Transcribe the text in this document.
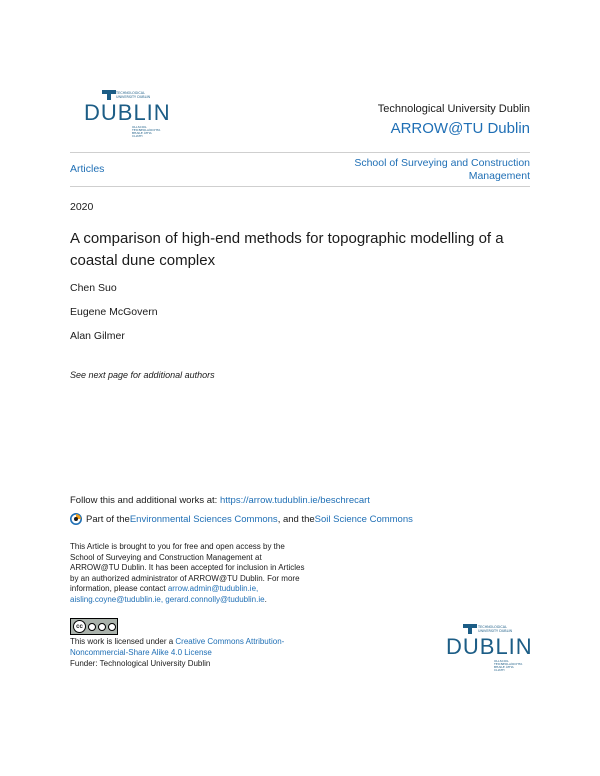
TECHNOLOGICAL UNIVERSITY DUBLIN
DUBLIN
OLLSCOIL TEICNEOLAÍOCHTA BHAILE ÁTHA CLIATH
Technological University Dublin
ARROW@TU Dublin
Articles	School of Surveying and Construction Management
2020
A comparison of high-end methods for topographic modelling of a coastal dune complex
Chen Suo
Eugene McGovern
Alan Gilmer
See next page for additional authors
Follow this and additional works at: https://arrow.tudublin.ie/beschrecart
Part of the Environmental Sciences Commons , and the Soil Science Commons
This Article is brought to you for free and open access by the School of Surveying and Construction Management at ARROW@TU Dublin. It has been accepted for inclusion in Articles by an authorized administrator of ARROW@TU Dublin. For more information, please contact arrow.admin@tudublin.ie, aisling.coyne@tudublin.ie, gerard.connolly@tudublin.ie.
cc
This work is licensed under a Creative Commons Attribution-Noncommercial-Share Alike 4.0 License
Funder: Technological University Dublin
TECHNOLOGICAL UNIVERSITY DUBLIN
DUBLIN
OLLSCOIL TEICNEOLAÍOCHTA BHAILE ÁTHA CLIATH
